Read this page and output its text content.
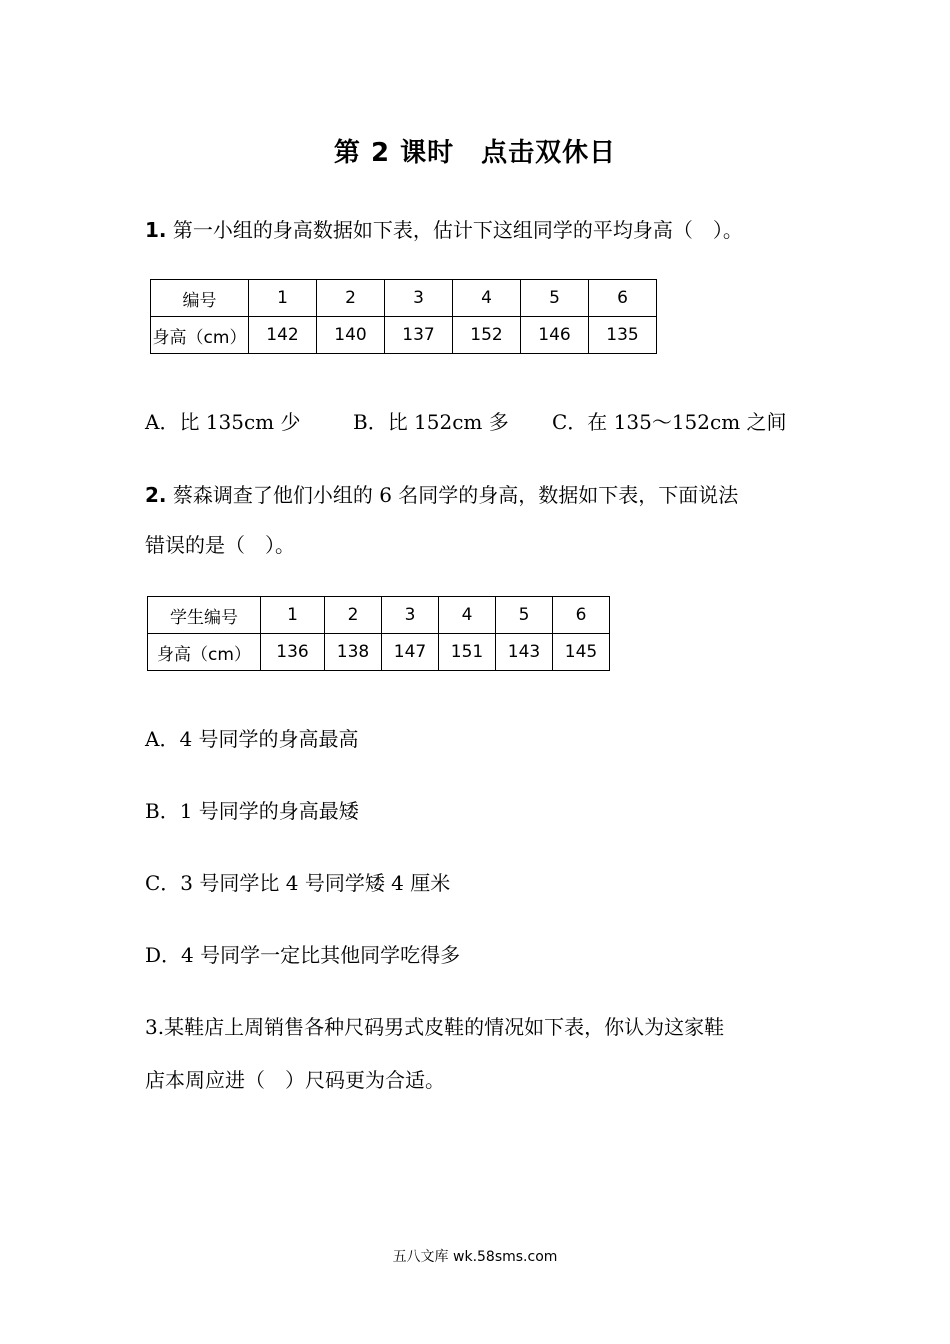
第 2 课时　点击双休日
1. 第一小组的身高数据如下表，估计下这组同学的平均身高（　）。
编号	1	2	3	4	5	6
身高（cm）	142	140	137	152	146	135
A．比 135cm 少	B．比 152cm 多 C．在 135～152cm 之间
2. 蔡森调查了他们小组的 6 名同学的身高，数据如下表，下面说法
错误的是（　）。
学生编号	1	2	3	4	5	6
身高（cm）	136	138	147	151	143	145
A．4 号同学的身高最高
B．1 号同学的身高最矮
C．3 号同学比 4 号同学矮 4 厘米
D．4 号同学一定比其他同学吃得多
3.某鞋店上周销售各种尺码男式皮鞋的情况如下表，你认为这家鞋
店本周应进（　）尺码更为合适。
五八文库 wk.58sms.com
